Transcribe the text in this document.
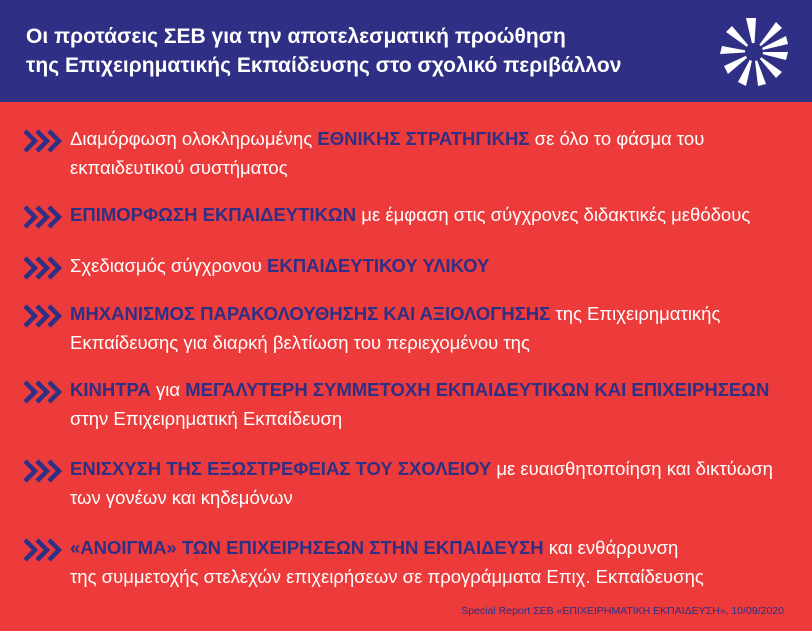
Οι προτάσεις ΣΕΒ για την αποτελεσματική προώθηση
της Επιχειρηματικής Εκπαίδευσης στο σχολικό περιβάλλον
Διαμόρφωση ολοκληρωμένης ΕΘΝΙΚΗΣ ΣΤΡΑΤΗΓΙΚΗΣ σε όλο το φάσμα του
εκπαιδευτικού συστήματος
ΕΠΙΜΟΡΦΩΣΗ ΕΚΠΑΙΔΕΥΤΙΚΩΝ με έμφαση στις σύγχρονες διδακτικές μεθόδους
Σχεδιασμός σύγχρονου ΕΚΠΑΙΔΕΥΤΙΚΟΥ ΥΛΙΚΟΥ
ΜΗΧΑΝΙΣΜΟΣ ΠΑΡΑΚΟΛΟΥΘΗΣΗΣ ΚΑΙ ΑΞΙΟΛΟΓΗΣΗΣ της Επιχειρηματικής
Εκπαίδευσης για διαρκή βελτίωση του περιεχομένου της
ΚΙΝΗΤΡΑ για ΜΕΓΑΛΥΤΕΡΗ ΣΥΜΜΕΤΟΧΗ ΕΚΠΑΙΔΕΥΤΙΚΩΝ ΚΑΙ ΕΠΙΧΕΙΡΗΣΕΩΝ
στην Επιχειρηματική Εκπαίδευση
ΕΝΙΣΧΥΣΗ ΤΗΣ ΕΞΩΣΤΡΕΦΕΙΑΣ ΤΟΥ ΣΧΟΛΕΙΟΥ με ευαισθητοποίηση και δικτύωση
των γονέων και κηδεμόνων
«ΑΝΟΙΓΜΑ» ΤΩΝ ΕΠΙΧΕΙΡΗΣΕΩΝ ΣΤΗΝ ΕΚΠΑΙΔΕΥΣΗ και ενθάρρυνση
της συμμετοχής στελεχών επιχειρήσεων σε προγράμματα Επιχ. Εκπαίδευσης
Special Report ΣΕΒ «ΕΠΙΧΕΙΡΗΜΑΤΙΚΗ ΕΚΠΑΙΔΕΥΣΗ», 10/09/2020
